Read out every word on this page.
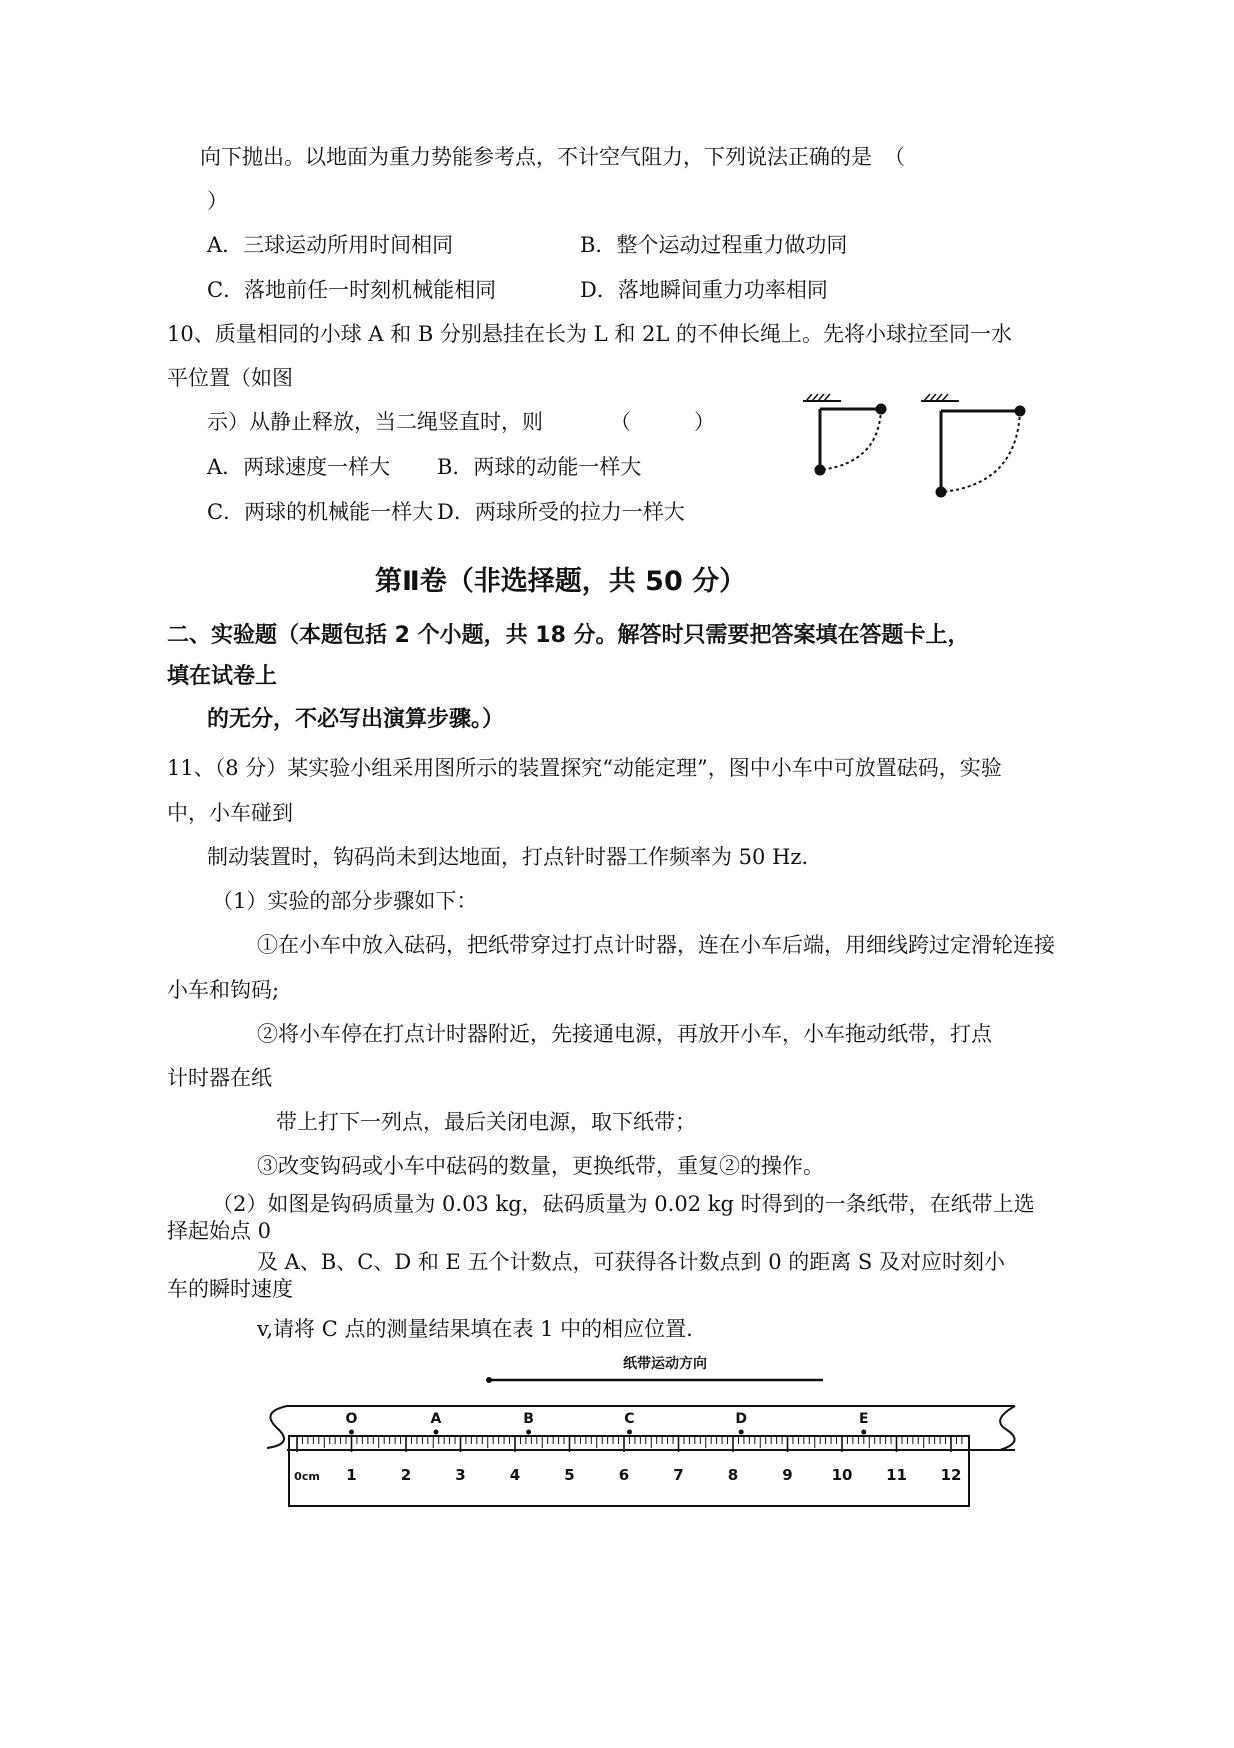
向下抛出。以地面为重力势能参考点，不计空气阻力，下列说法正确的是 （
）
A．三球运动所用时间相同	B．整个运动过程重力做功同
C．落地前任一时刻机械能相同	D．落地瞬间重力功率相同
10、质量相同的小球 A 和 B 分别悬挂在长为 L 和 2L 的不伸长绳上。先将小球拉至同一水
平位置（如图
示）从静止释放，当二绳竖直时，则	（　　　）
A．两球速度一样大 B．两球的动能一样大
C．两球的机械能一样大 D．两球所受的拉力一样大
第Ⅱ卷（非选择题，共 50 分）
二、实验题（本题包括 2 个小题，共 18 分。解答时只需要把答案填在答题卡上，
填在试卷上
的无分，不必写出演算步骤。）
11、（8 分）某实验小组采用图所示的装置探究“动能定理”，图中小车中可放置砝码，实验
中，小车碰到
制动装置时，钩码尚未到达地面，打点针时器工作频率为 50 Hz．
（1）实验的部分步骤如下：
①在小车中放入砝码，把纸带穿过打点计时器，连在小车后端，用细线跨过定滑轮连接
小车和钩码;
②将小车停在打点计时器附近，先接通电源，再放开小车，小车拖动纸带，打点
计时器在纸
带上打下一列点，最后关闭电源，取下纸带；
③改变钩码或小车中砝码的数量，更换纸带，重复②的操作。
（2）如图是钩码质量为 0.03 kg，砝码质量为 0.02 kg 时得到的一条纸带，在纸带上选
择起始点 0
及 A、B、C、D 和 E 五个计数点，可获得各计数点到 0 的距离 S 及对应时刻小
车的瞬时速度
v,请将 C 点的测量结果填在表 1 中的相应位置.
纸带运动方向
0cm 1	2	3	4	5	6	7	8	9	10 11 12
O	A	B	C	D	E
